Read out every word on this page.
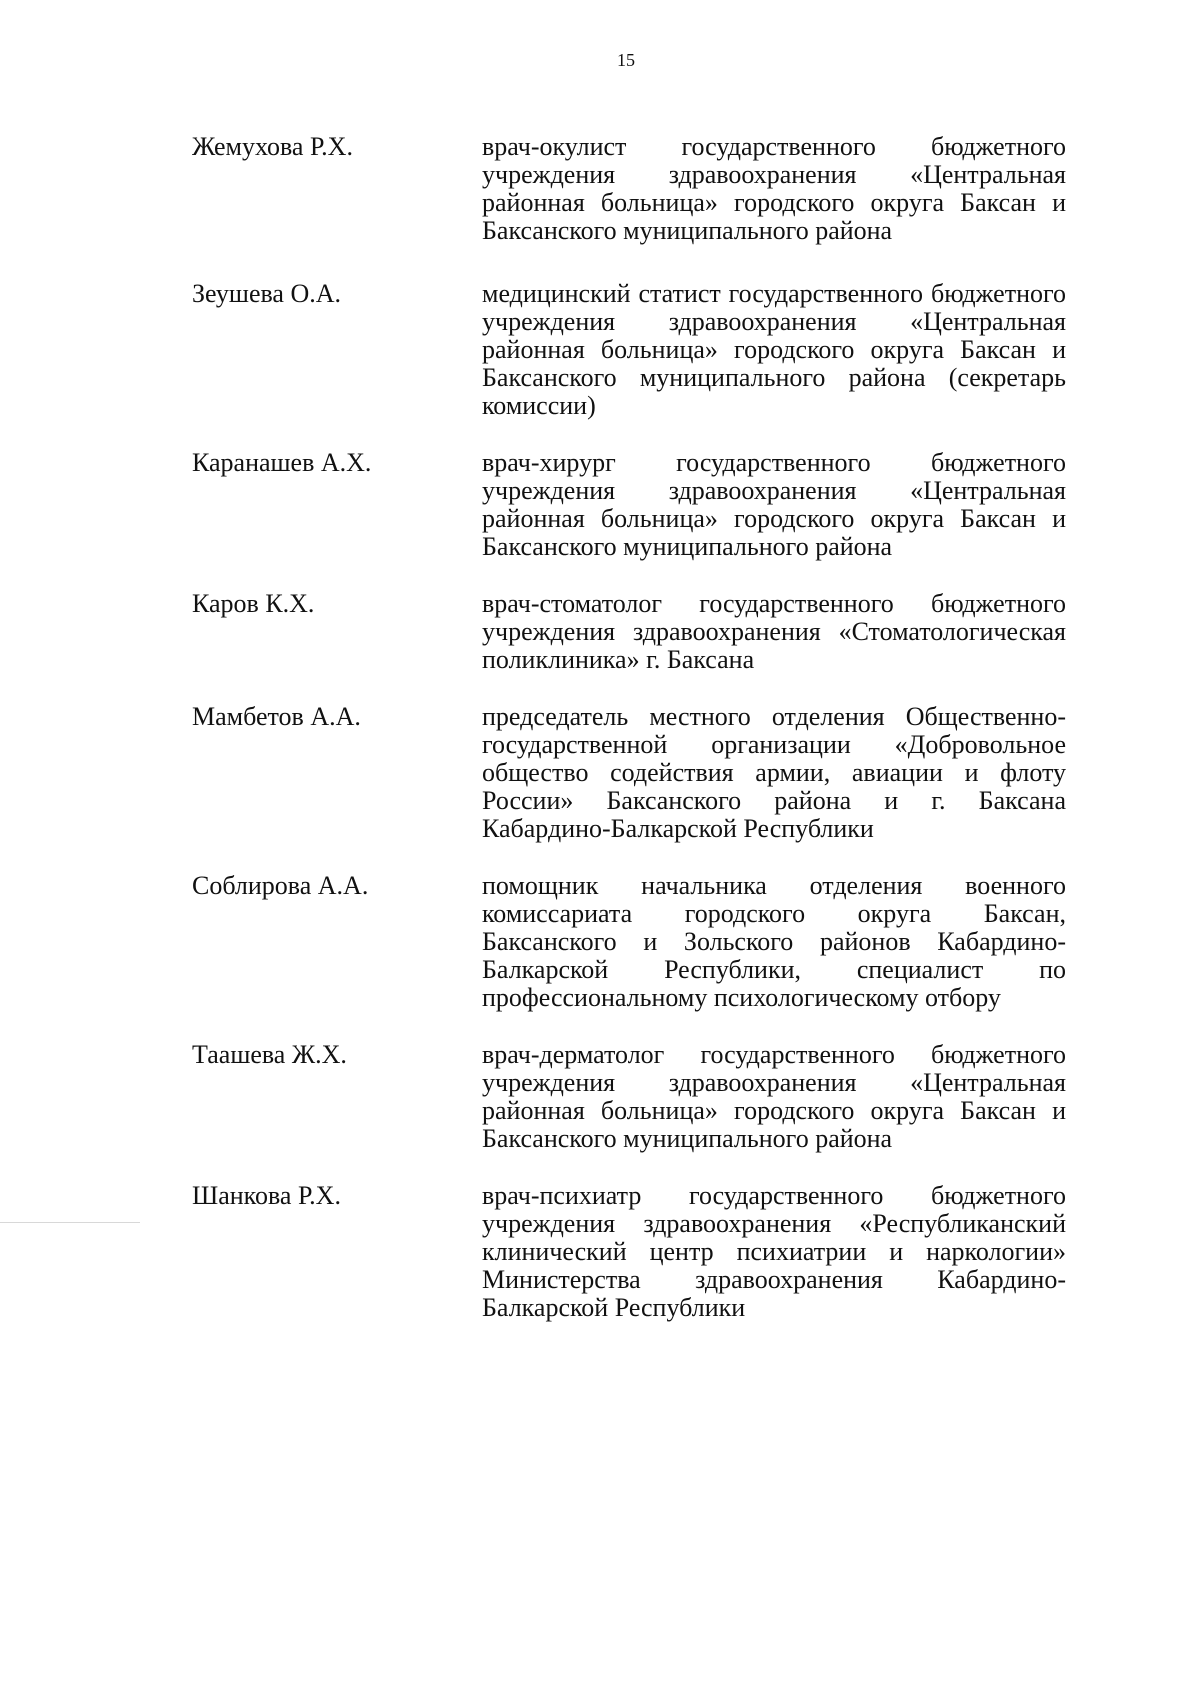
15
Жемухова Р.Х.	врач-окулист государственного бюджетного учреждения здравоохранения «Центральная районная больница» городского округа Баксан и Баксанского муниципального района
Зеушева О.А.	медицинский статист государственного бюджетного учреждения здравоохранения «Центральная районная больница» городского округа Баксан и Баксанского муниципального района (секретарь комиссии)
Каранашев А.Х.	врач-хирург государственного бюджетного учреждения здравоохранения «Центральная районная больница» городского округа Баксан и Баксанского муниципального района
Каров К.Х.	врач-стоматолог государственного бюджетного учреждения здравоохранения «Стоматологическая поликлиника» г. Баксана
Мамбетов А.А.	председатель местного отделения Общественно-государственной организации «Добровольное общество содействия армии, авиации и флоту России» Баксанского района и г. Баксана Кабардино-Балкарской Республики
Соблирова А.А.	помощник начальника отделения военного комиссариата городского округа Баксан, Баксанского и Зольского районов Кабардино-Балкарской Республики, специалист по профессиональному психологическому отбору
Таашева Ж.Х.	врач-дерматолог государственного бюджетного учреждения здравоохранения «Центральная районная больница» городского округа Баксан и Баксанского муниципального района
Шанкова Р.Х.	врач-психиатр государственного бюджетного учреждения здравоохранения «Республиканский клинический центр психиатрии и наркологии» Министерства здравоохранения Кабардино-Балкарской Республики
